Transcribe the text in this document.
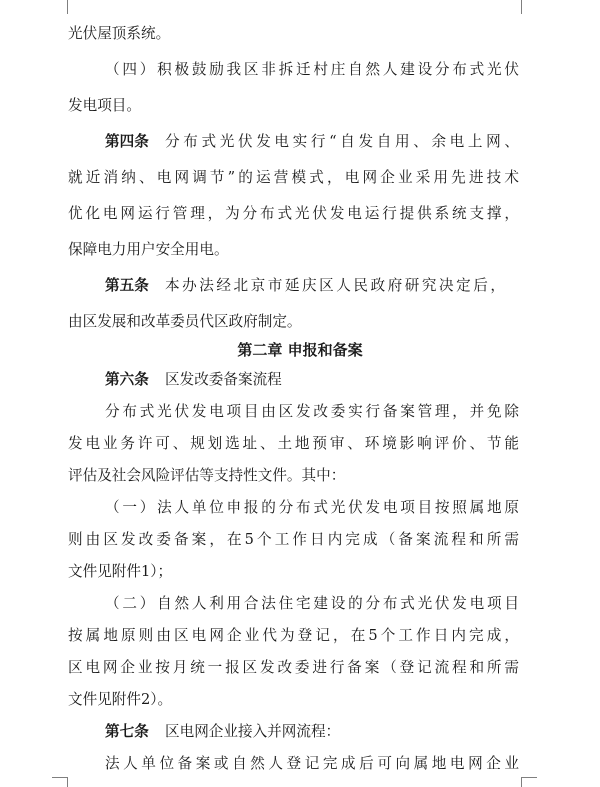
光伏屋顶系统。
（四）积极鼓励我区非拆迁村庄自然人建设分布式光伏
发电项目。
第四条 分布式光伏发电实行“自发自用、余电上网、
就近消纳、电网调节”的运营模式，电网企业采用先进技术
优化电网运行管理，为分布式光伏发电运行提供系统支撑，
保障电力用户安全用电。
第五条 本办法经北京市延庆区人民政府研究决定后，
由区发展和改革委员代区政府制定。
第二章 申报和备案
第六条 区发改委备案流程
分布式光伏发电项目由区发改委实行备案管理，并免除
发电业务许可、规划选址、土地预审、环境影响评价、节能
评估及社会风险评估等支持性文件。其中：
（一）法人单位申报的分布式光伏发电项目按照属地原
则由区发改委备案，在5个工作日内完成（备案流程和所需
文件见附件1）；
（二）自然人利用合法住宅建设的分布式光伏发电项目
按属地原则由区电网企业代为登记，在5个工作日内完成，
区电网企业按月统一报区发改委进行备案（登记流程和所需
文件见附件2）。
第七条 区电网企业接入并网流程：
法人单位备案或自然人登记完成后可向属地电网企业
